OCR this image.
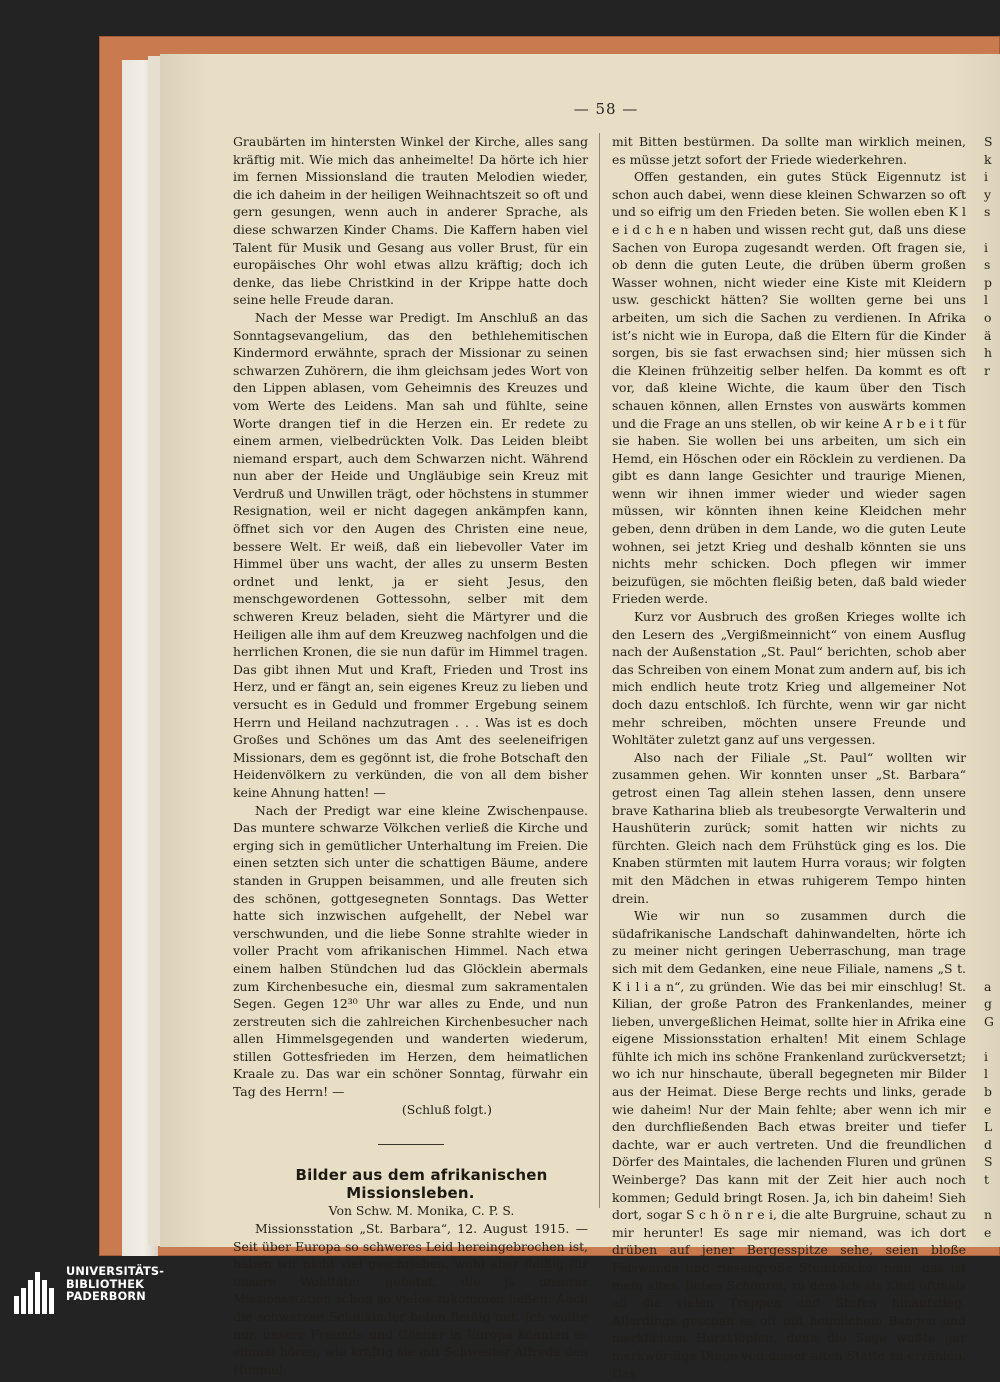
— 58 —

Graubärten im hintersten Winkel der Kirche, alles sang kräftig mit. Wie mich das anheimelte! Da hörte ich hier im fernen Missionsland die trauten Melodien wieder, die ich daheim in der heiligen Weihnachtszeit so oft und gern gesungen, wenn auch in anderer Sprache, als diese schwarzen Kinder Chams. Die Kaffern haben viel Talent für Musik und Gesang aus voller Brust, für ein europäisches Ohr wohl etwas allzu kräftig; doch ich denke, das liebe Christkind in der Krippe hatte doch seine helle Freude daran.

Nach der Messe war Predigt. Im Anschluß an das Sonntagsevangelium, das den bethlehemitischen Kindermord erwähnte, sprach der Missionar zu seinen schwarzen Zuhörern, die ihm gleichsam jedes Wort von den Lippen ablasen, vom Geheimnis des Kreuzes und vom Werte des Leidens. Man sah und fühlte, seine Worte drangen tief in die Herzen ein. Er redete zu einem armen, vielbedrückten Volk. Das Leiden bleibt niemand erspart, auch dem Schwarzen nicht. Während nun aber der Heide und Ungläubige sein Kreuz mit Verdruß und Unwillen trägt, oder höchstens in stummer Resignation, weil er nicht dagegen ankämpfen kann, öffnet sich vor den Augen des Christen eine neue, bessere Welt. Er weiß, daß ein liebevoller Vater im Himmel über uns wacht, der alles zu unserm Besten ordnet und lenkt, ja er sieht Jesus, den menschgewordenen Gottessohn, selber mit dem schweren Kreuz beladen, sieht die Märtyrer und die Heiligen alle ihm auf dem Kreuzweg nachfolgen und die herrlichen Kronen, die sie nun dafür im Himmel tragen. Das gibt ihnen Mut und Kraft, Frieden und Trost ins Herz, und er fängt an, sein eigenes Kreuz zu lieben und versucht es in Geduld und frommer Ergebung seinem Herrn und Heiland nachzutragen . . . Was ist es doch Großes und Schönes um das Amt des seeleneifrigen Missionars, dem es gegönnt ist, die frohe Botschaft den Heidenvölkern zu verkünden, die von all dem bisher keine Ahnung hatten! —

Nach der Predigt war eine kleine Zwischenpause. Das muntere schwarze Völkchen verließ die Kirche und erging sich in gemütlicher Unterhaltung im Freien. Die einen setzten sich unter die schattigen Bäume, andere standen in Gruppen beisammen, und alle freuten sich des schönen, gottgesegneten Sonntags. Das Wetter hatte sich inzwischen aufgehellt, der Nebel war verschwunden, und die liebe Sonne strahlte wieder in voller Pracht vom afrikanischen Himmel. Nach etwa einem halben Stündchen lud das Glöcklein abermals zum Kirchenbesuche ein, diesmal zum sakramentalen Segen. Gegen 12³⁰ Uhr war alles zu Ende, und nun zerstreuten sich die zahlreichen Kirchenbesucher nach allen Himmelsgegenden und wanderten wiederum, stillen Gottesfrieden im Herzen, dem heimatlichen Kraale zu. Das war ein schöner Sonntag, fürwahr ein Tag des Herrn! —

(Schluß folgt.)

Bilder aus dem afrikanischen Missionsleben.

Von Schw. M. Monika, C. P. S.

Missionsstation „St. Barbara“, 12. August 1915. — Seit über Europa so schweres Leid hereingebrochen ist, haben wir nicht viel geschrieben, wohl aber fleißig für unsere Wohltäter gebetet, die ja unserer Missionsstation schon so vieles zukommen ließen. Auch die schwarzen Schulkinder beten fleißig mit. Ich wollte nur, unsere Freunde und Gönner in Europa könnten es einmal hören, wie kräftig sie mit Schwester Alfreda den Himmel

mit Bitten bestürmen. Da sollte man wirklich meinen, es müsse jetzt sofort der Friede wiederkehren.

Offen gestanden, ein gutes Stück Eigennutz ist schon auch dabei, wenn diese kleinen Schwarzen so oft und so eifrig um den Frieden beten. Sie wollen eben K l e i d c h e n haben und wissen recht gut, daß uns diese Sachen von Europa zugesandt werden. Oft fragen sie, ob denn die guten Leute, die drüben überm großen Wasser wohnen, nicht wieder eine Kiste mit Kleidern usw. geschickt hätten? Sie wollten gerne bei uns arbeiten, um sich die Sachen zu verdienen. In Afrika ist’s nicht wie in Europa, daß die Eltern für die Kinder sorgen, bis sie fast erwachsen sind; hier müssen sich die Kleinen frühzeitig selber helfen. Da kommt es oft vor, daß kleine Wichte, die kaum über den Tisch schauen können, allen Ernstes von auswärts kommen und die Frage an uns stellen, ob wir keine A r b e i t für sie haben. Sie wollen bei uns arbeiten, um sich ein Hemd, ein Höschen oder ein Röcklein zu verdienen. Da gibt es dann lange Gesichter und traurige Mienen, wenn wir ihnen immer wieder und wieder sagen müssen, wir könnten ihnen keine Kleidchen mehr geben, denn drüben in dem Lande, wo die guten Leute wohnen, sei jetzt Krieg und deshalb könnten sie uns nichts mehr schicken. Doch pflegen wir immer beizufügen, sie möchten fleißig beten, daß bald wieder Frieden werde.

Kurz vor Ausbruch des großen Krieges wollte ich den Lesern des „Vergißmeinnicht“ von einem Ausflug nach der Außenstation „St. Paul“ berichten, schob aber das Schreiben von einem Monat zum andern auf, bis ich mich endlich heute trotz Krieg und allgemeiner Not doch dazu entschloß. Ich fürchte, wenn wir gar nicht mehr schreiben, möchten unsere Freunde und Wohltäter zuletzt ganz auf uns vergessen.

Also nach der Filiale „St. Paul“ wollten wir zusammen gehen. Wir konnten unser „St. Barbara“ getrost einen Tag allein stehen lassen, denn unsere brave Katharina blieb als treubesorgte Verwalterin und Haushüterin zurück; somit hatten wir nichts zu fürchten. Gleich nach dem Frühstück ging es los. Die Knaben stürmten mit lautem Hurra voraus; wir folgten mit den Mädchen in etwas ruhigerem Tempo hinten drein.

Wie wir nun so zusammen durch die südafrikanische Landschaft dahinwandelten, hörte ich zu meiner nicht geringen Ueberraschung, man trage sich mit dem Gedanken, eine neue Filiale, namens „S t. K i l i a n“, zu gründen. Wie das bei mir einschlug! St. Kilian, der große Patron des Frankenlandes, meiner lieben, unvergeßlichen Heimat, sollte hier in Afrika eine eigene Missionsstation erhalten! Mit einem Schlage fühlte ich mich ins schöne Frankenland zurückversetzt; wo ich nur hinschaute, überall begegneten mir Bilder aus der Heimat. Diese Berge rechts und links, gerade wie daheim! Nur der Main fehlte; aber wenn ich mir den durchfließenden Bach etwas breiter und tiefer dachte, war er auch vertreten. Und die freundlichen Dörfer des Maintales, die lachenden Fluren und grünen Weinberge? Das kann mit der Zeit hier auch noch kommen; Geduld bringt Rosen. Ja, ich bin daheim! Sieh dort, sogar S c h ö n r e i, die alte Burgruine, schaut zu mir herunter! Es sage mir niemand, was ich dort drüben auf jener Bergesspitze sehe, seien bloße Felswände und riesengroße Steinblöcke; nein, das ist mein altes, liebes Schönrei, zu dem ich als Kind oftmals all die vielen Treppen und Stufen hinaufstieg. Allerdings geschah es oft mit heimlichem Bangen und merklichem Herzklopfen, denn die Sage wußte gar merkwürdige Dinge von dieser alten Stätte zu erzählen. Das

S
k
i
y
s

i
s
p
l
o
ä
h
r

a
g
G

i
l
b
e
L
d
S
t

n
e
UNIVERSITÄTS-
BIBLIOTHEK
PADERBORN
